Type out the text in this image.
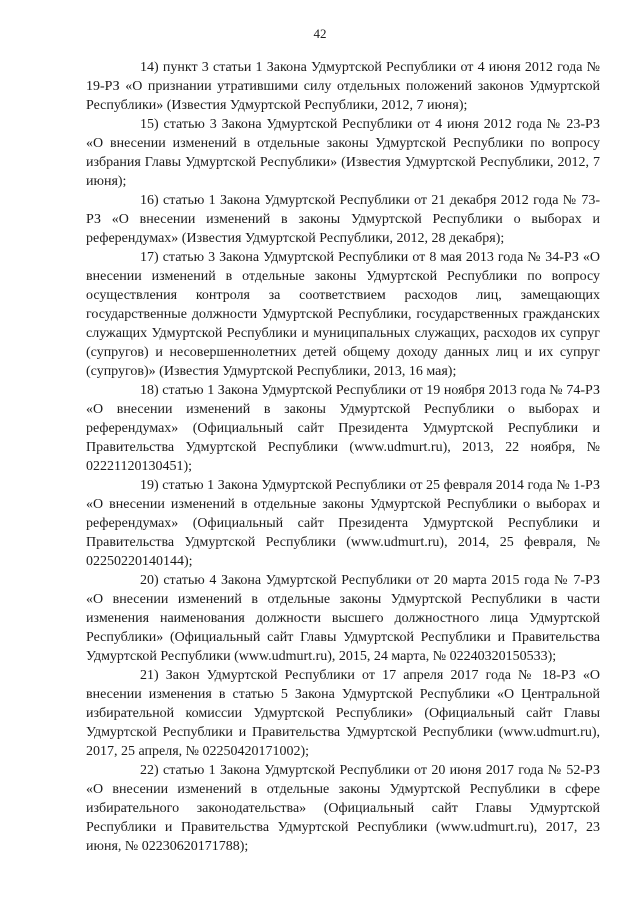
42

14) пункт 3 статьи 1 Закона Удмуртской Республики от 4 июня 2012 года № 19-РЗ «О признании утратившими силу отдельных положений законов Удмуртской Республики» (Известия Удмуртской Республики, 2012, 7 июня);

15) статью 3 Закона Удмуртской Республики от 4 июня 2012 года № 23-РЗ «О внесении изменений в отдельные законы Удмуртской Республики по вопросу избрания Главы Удмуртской Республики» (Известия Удмуртской Республики, 2012, 7 июня);

16) статью 1 Закона Удмуртской Республики от 21 декабря 2012 года № 73-РЗ «О внесении изменений в законы Удмуртской Республики о выборах и референдумах» (Известия Удмуртской Республики, 2012, 28 декабря);

17) статью 3 Закона Удмуртской Республики от 8 мая 2013 года № 34-РЗ «О внесении изменений в отдельные законы Удмуртской Республики по вопросу осуществления контроля за соответствием расходов лиц, замещающих государственные должности Удмуртской Республики, государственных гражданских служащих Удмуртской Республики и муниципальных служащих, расходов их супруг (супругов) и несовершеннолетних детей общему доходу данных лиц и их супруг (супругов)» (Известия Удмуртской Республики, 2013, 16 мая);

18) статью 1 Закона Удмуртской Республики от 19 ноября 2013 года № 74-РЗ «О внесении изменений в законы Удмуртской Республики о выборах и референдумах» (Официальный сайт Президента Удмуртской Республики и Правительства Удмуртской Республики (www.udmurt.ru), 2013, 22 ноября, № 02221120130451);

19) статью 1 Закона Удмуртской Республики от 25 февраля 2014 года № 1-РЗ «О внесении изменений в отдельные законы Удмуртской Республики о выборах и референдумах» (Официальный сайт Президента Удмуртской Республики и Правительства Удмуртской Республики (www.udmurt.ru), 2014, 25 февраля, № 02250220140144);

20) статью 4 Закона Удмуртской Республики от 20 марта 2015 года № 7-РЗ «О внесении изменений в отдельные законы Удмуртской Республики в части изменения наименования должности высшего должностного лица Удмуртской Республики» (Официальный сайт Главы Удмуртской Республики и Правительства Удмуртской Республики (www.udmurt.ru), 2015, 24 марта, № 02240320150533);

21) Закон Удмуртской Республики от 17 апреля 2017 года № 18-РЗ «О внесении изменения в статью 5 Закона Удмуртской Республики «О Центральной избирательной комиссии Удмуртской Республики» (Официальный сайт Главы Удмуртской Республики и Правительства Удмуртской Республики (www.udmurt.ru), 2017, 25 апреля, № 02250420171002);

22) статью 1 Закона Удмуртской Республики от 20 июня 2017 года № 52-РЗ «О внесении изменений в отдельные законы Удмуртской Республики в сфере избирательного законодательства» (Официальный сайт Главы Удмуртской Республики и Правительства Удмуртской Республики (www.udmurt.ru), 2017, 23 июня, № 02230620171788);
